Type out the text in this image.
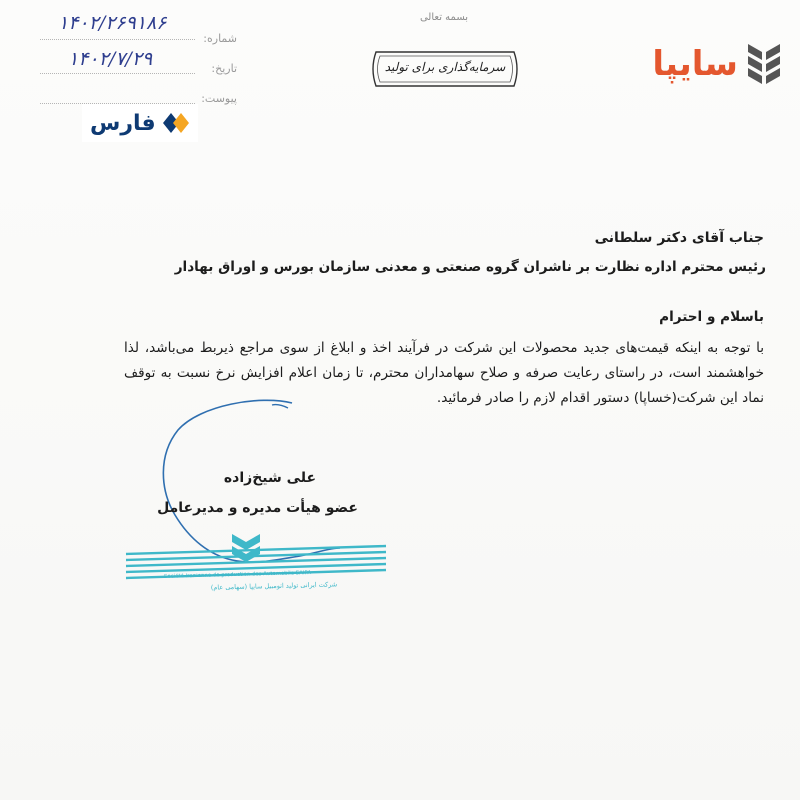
بسمه تعالی
۱۴۰۲/۲۶۹۱۸۶
شماره:
۱۴۰۲/۷/۲۹	تاریخ:
پیوست:
سرمایه‌گذاری برای تولید	سایپا
فارس
جناب آقای دکتر سلطانی
رئیس محترم اداره نظارت بر ناشران گروه صنعتی و معدنی سازمان بورس و اوراق بهادار
باسلام و احترام
با توجه به اینکه قیمت‌های جدید محصولات این شرکت در فرآیند اخذ و ابلاغ از سوی مراجع ذیربط می‌باشد، لذا خواهشمند است، در راستای رعایت صرفه و صلاح سهامداران محترم، تا زمان اعلام افزایش نرخ نسبت به توقف نماد این شرکت(خساپا) دستور اقدام لازم را صادر فرمائید.
علی شیخ‌زاده
عضو هیأت مدیره و مدیرعامل
Société Iranienne de production des Automobile SAIPA
شرکت ایرانی تولید اتومبیل سایپا (سهامی عام)
